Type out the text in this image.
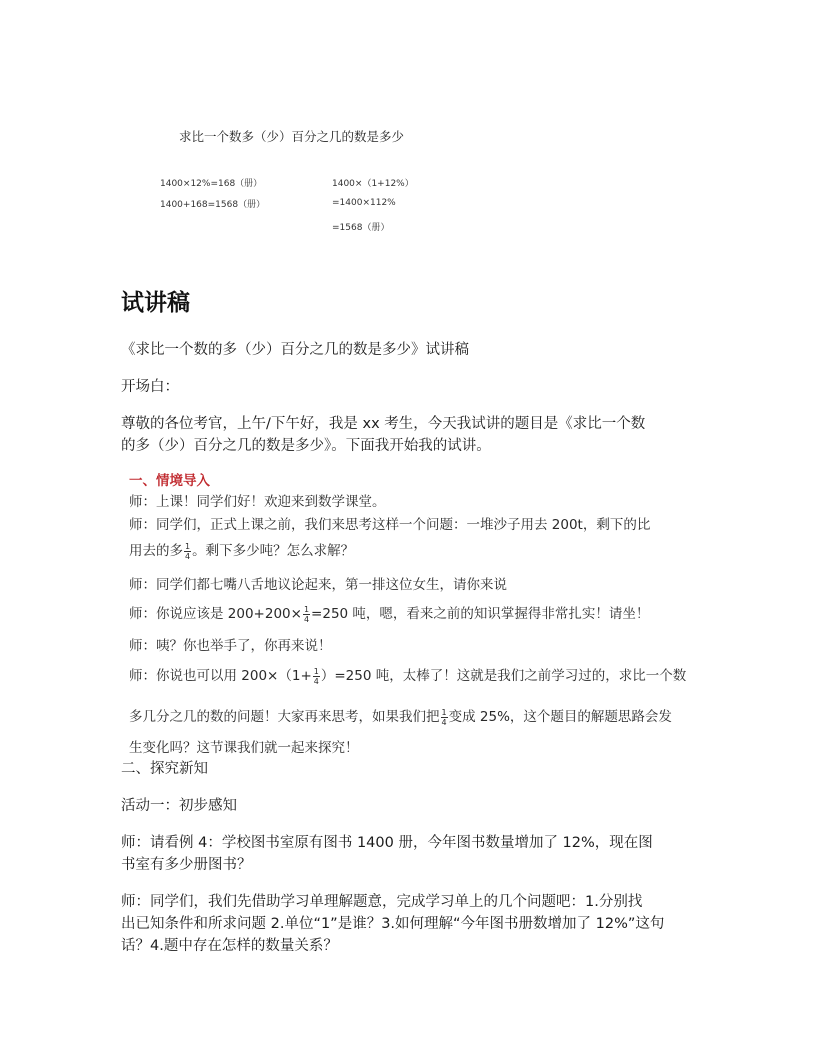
求比一个数多（少）百分之几的数是多少
1400×12%=168（册）
1400+168=1568（册）
1400×（1+12%）
=1400×112%
=1568（册）
试讲稿
《求比一个数的多（少）百分之几的数是多少》试讲稿
开场白：
尊敬的各位考官，上午/下午好，我是 xx 考生，今天我试讲的题目是《求比一个数
的多（少）百分之几的数是多少》。下面我开始我的试讲。
一、情境导入
师：上课！同学们好！欢迎来到数学课堂。
师：同学们，正式上课之前，我们来思考这样一个问题：一堆沙子用去 200t，剩下的比
用去的多 $\frac{1}{4}$ 。剩下多少吨？怎么求解？
师：同学们都七嘴八舌地议论起来，第一排这位女生，请你来说
师：你说应该是 $200+200\times \frac{1}{4} =250$ 吨，嗯，看来之前的知识掌握得非常扎实！请坐！
师：咦？你也举手了，你再来说！
师：你说也可以用 $200\times(1+ \frac{1}{4} )=250$ 吨，太棒了！这就是我们之前学习过的，求比一个数
多几分之几的数的问题！大家再来思考，如果我们把 $\frac{1}{4}$ 变成 25%，这个题目的解题思路会发
生变化吗？这节课我们就一起来探究！
二、探究新知
活动一：初步感知
师：请看例 4：学校图书室原有图书 1400 册，今年图书数量增加了 12%，现在图
书室有多少册图书？
师：同学们，我们先借助学习单理解题意，完成学习单上的几个问题吧：1.分别找
出已知条件和所求问题 2.单位“1”是谁？3.如何理解“今年图书册数增加了 12%”这句
话？4.题中存在怎样的数量关系？
